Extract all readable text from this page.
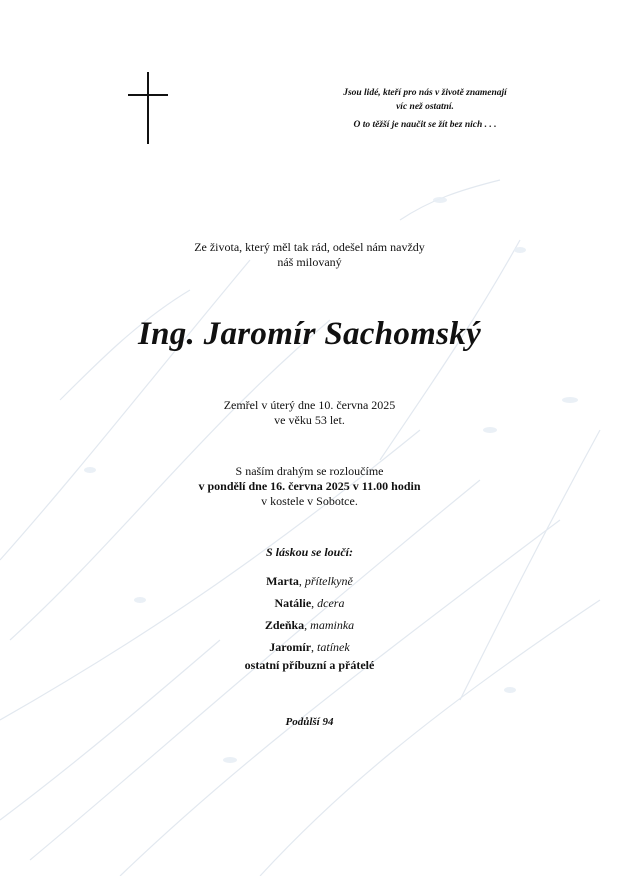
Jsou lidé, kteří pro nás v životě znamenají
víc než ostatní.
O to těžší je naučit se žít bez nich . . .
Ze života, který měl tak rád, odešel nám navždy
náš milovaný
Ing. Jaromír Sachomský
Zemřel v úterý dne 10. června 2025
ve věku 53 let.
S naším drahým se rozloučíme
v pondělí dne 16. června 2025 v 11.00 hodin
v kostele v Sobotce.
S láskou se loučí:
Marta, přítelkyně
Natálie, dcera
Zdeňka, maminka
Jaromír, tatínek
ostatní příbuzní a přátelé
Podůlší 94
